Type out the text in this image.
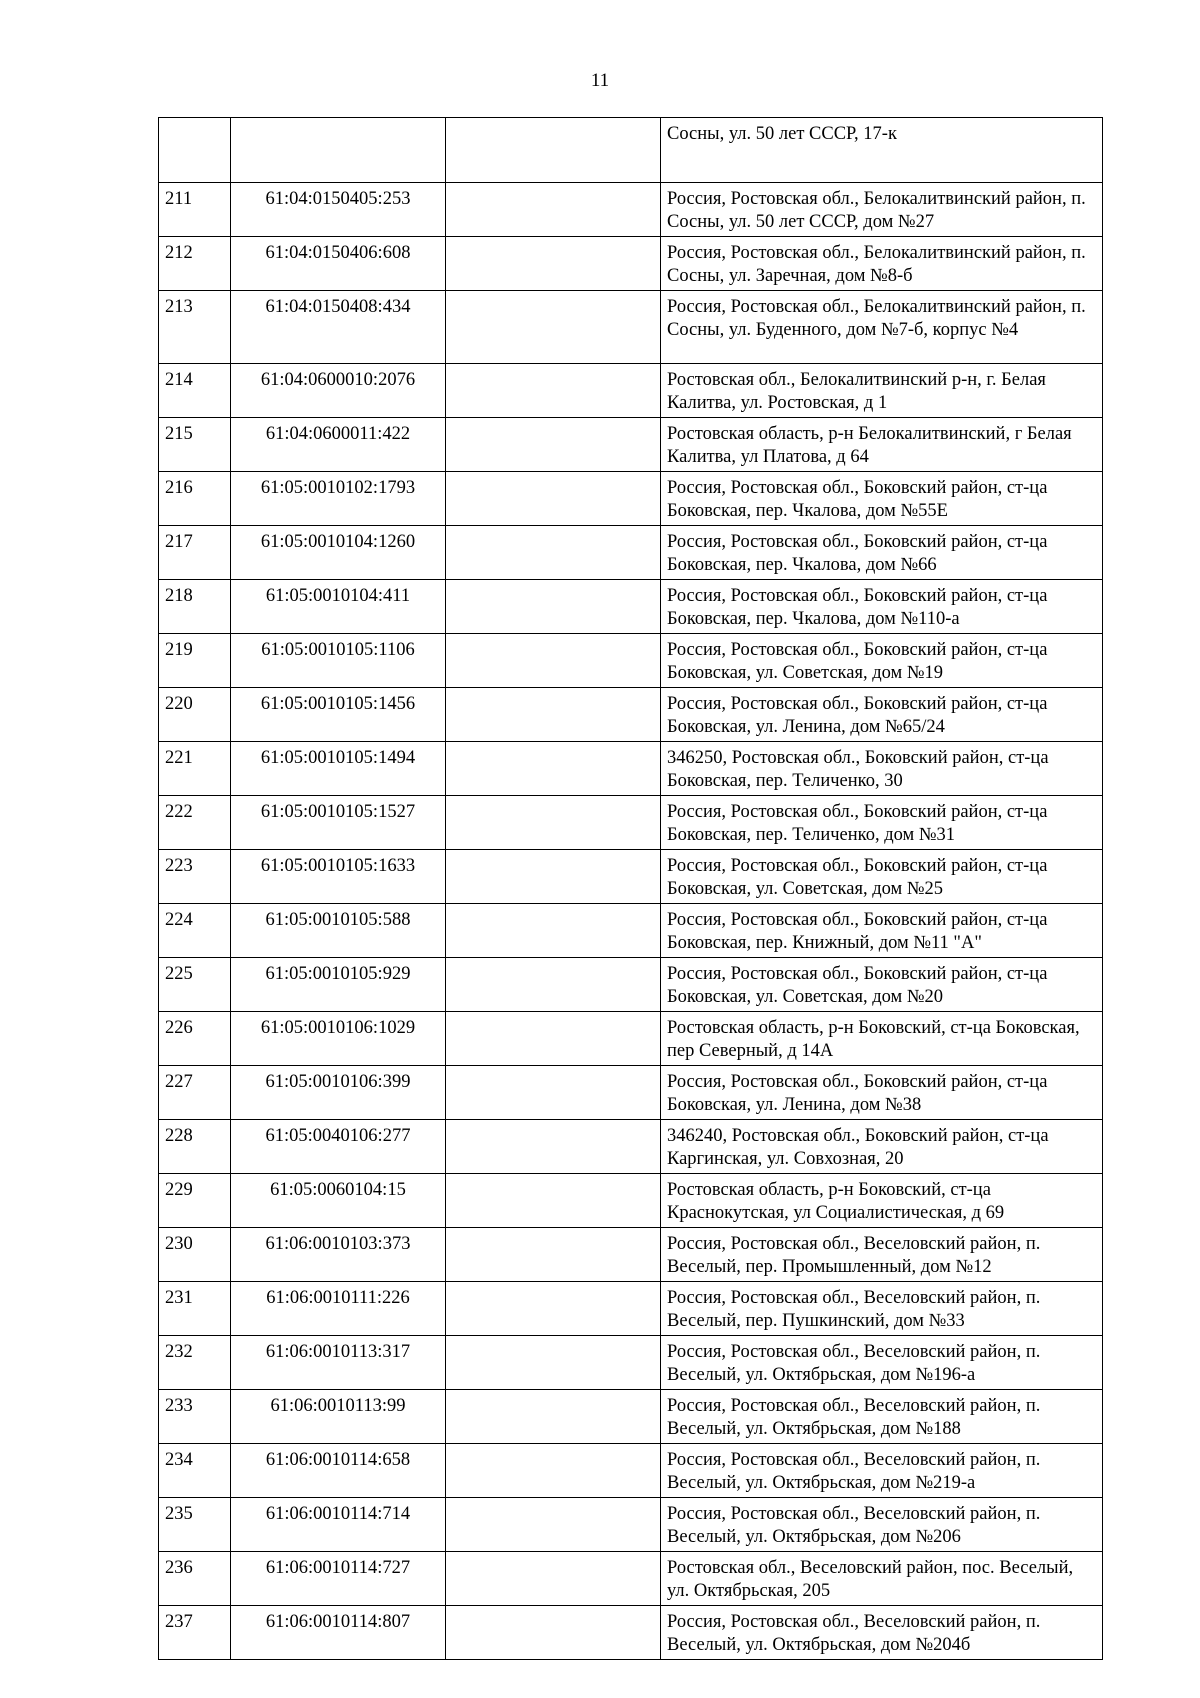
11
			Сосны, ул. 50 лет СССР, 17-к
211	61:04:0150405:253		Россия, Ростовская обл., Белокалитвинский район, п. Сосны, ул. 50 лет СССР, дом №27
212	61:04:0150406:608		Россия, Ростовская обл., Белокалитвинский район, п. Сосны, ул. Заречная, дом №8-б
213	61:04:0150408:434		Россия, Ростовская обл., Белокалитвинский район, п. Сосны, ул. Буденного, дом №7-б, корпус №4
214	61:04:0600010:2076		Ростовская обл., Белокалитвинский р-н, г. Белая Калитва, ул. Ростовская, д 1
215	61:04:0600011:422		Ростовская область, р-н Белокалитвинский, г Белая Калитва, ул Платова, д 64
216	61:05:0010102:1793		Россия, Ростовская обл., Боковский район, ст-ца Боковская, пер. Чкалова, дом №55Е
217	61:05:0010104:1260		Россия, Ростовская обл., Боковский район, ст-ца Боковская, пер. Чкалова, дом №66
218	61:05:0010104:411		Россия, Ростовская обл., Боковский район, ст-ца Боковская, пер. Чкалова, дом №110-а
219	61:05:0010105:1106		Россия, Ростовская обл., Боковский район, ст-ца Боковская, ул. Советская, дом №19
220	61:05:0010105:1456		Россия, Ростовская обл., Боковский район, ст-ца Боковская, ул. Ленина, дом №65/24
221	61:05:0010105:1494		346250, Ростовская обл., Боковский район, ст-ца Боковская, пер. Теличенко, 30
222	61:05:0010105:1527		Россия, Ростовская обл., Боковский район, ст-ца Боковская, пер. Теличенко, дом №31
223	61:05:0010105:1633		Россия, Ростовская обл., Боковский район, ст-ца Боковская, ул. Советская, дом №25
224	61:05:0010105:588		Россия, Ростовская обл., Боковский район, ст-ца Боковская, пер. Книжный, дом №11 "А"
225	61:05:0010105:929		Россия, Ростовская обл., Боковский район, ст-ца Боковская, ул. Советская, дом №20
226	61:05:0010106:1029		Ростовская область, р-н Боковский, ст-ца Боковская, пер Северный, д 14А
227	61:05:0010106:399		Россия, Ростовская обл., Боковский район, ст-ца Боковская, ул. Ленина, дом №38
228	61:05:0040106:277		346240, Ростовская обл., Боковский район, ст-ца Каргинская, ул. Совхозная, 20
229	61:05:0060104:15		Ростовская область, р-н Боковский, ст-ца Краснокутская, ул Социалистическая, д 69
230	61:06:0010103:373		Россия, Ростовская обл., Веселовский район, п. Веселый, пер. Промышленный, дом №12
231	61:06:0010111:226		Россия, Ростовская обл., Веселовский район, п. Веселый, пер. Пушкинский, дом №33
232	61:06:0010113:317		Россия, Ростовская обл., Веселовский район, п. Веселый, ул. Октябрьская, дом №196-а
233	61:06:0010113:99		Россия, Ростовская обл., Веселовский район, п. Веселый, ул. Октябрьская, дом №188
234	61:06:0010114:658		Россия, Ростовская обл., Веселовский район, п. Веселый, ул. Октябрьская, дом №219-а
235	61:06:0010114:714		Россия, Ростовская обл., Веселовский район, п. Веселый, ул. Октябрьская, дом №206
236	61:06:0010114:727		Ростовская обл., Веселовский район, пос. Веселый, ул. Октябрьская, 205
237	61:06:0010114:807		Россия, Ростовская обл., Веселовский район, п. Веселый, ул. Октябрьская, дом №204б
